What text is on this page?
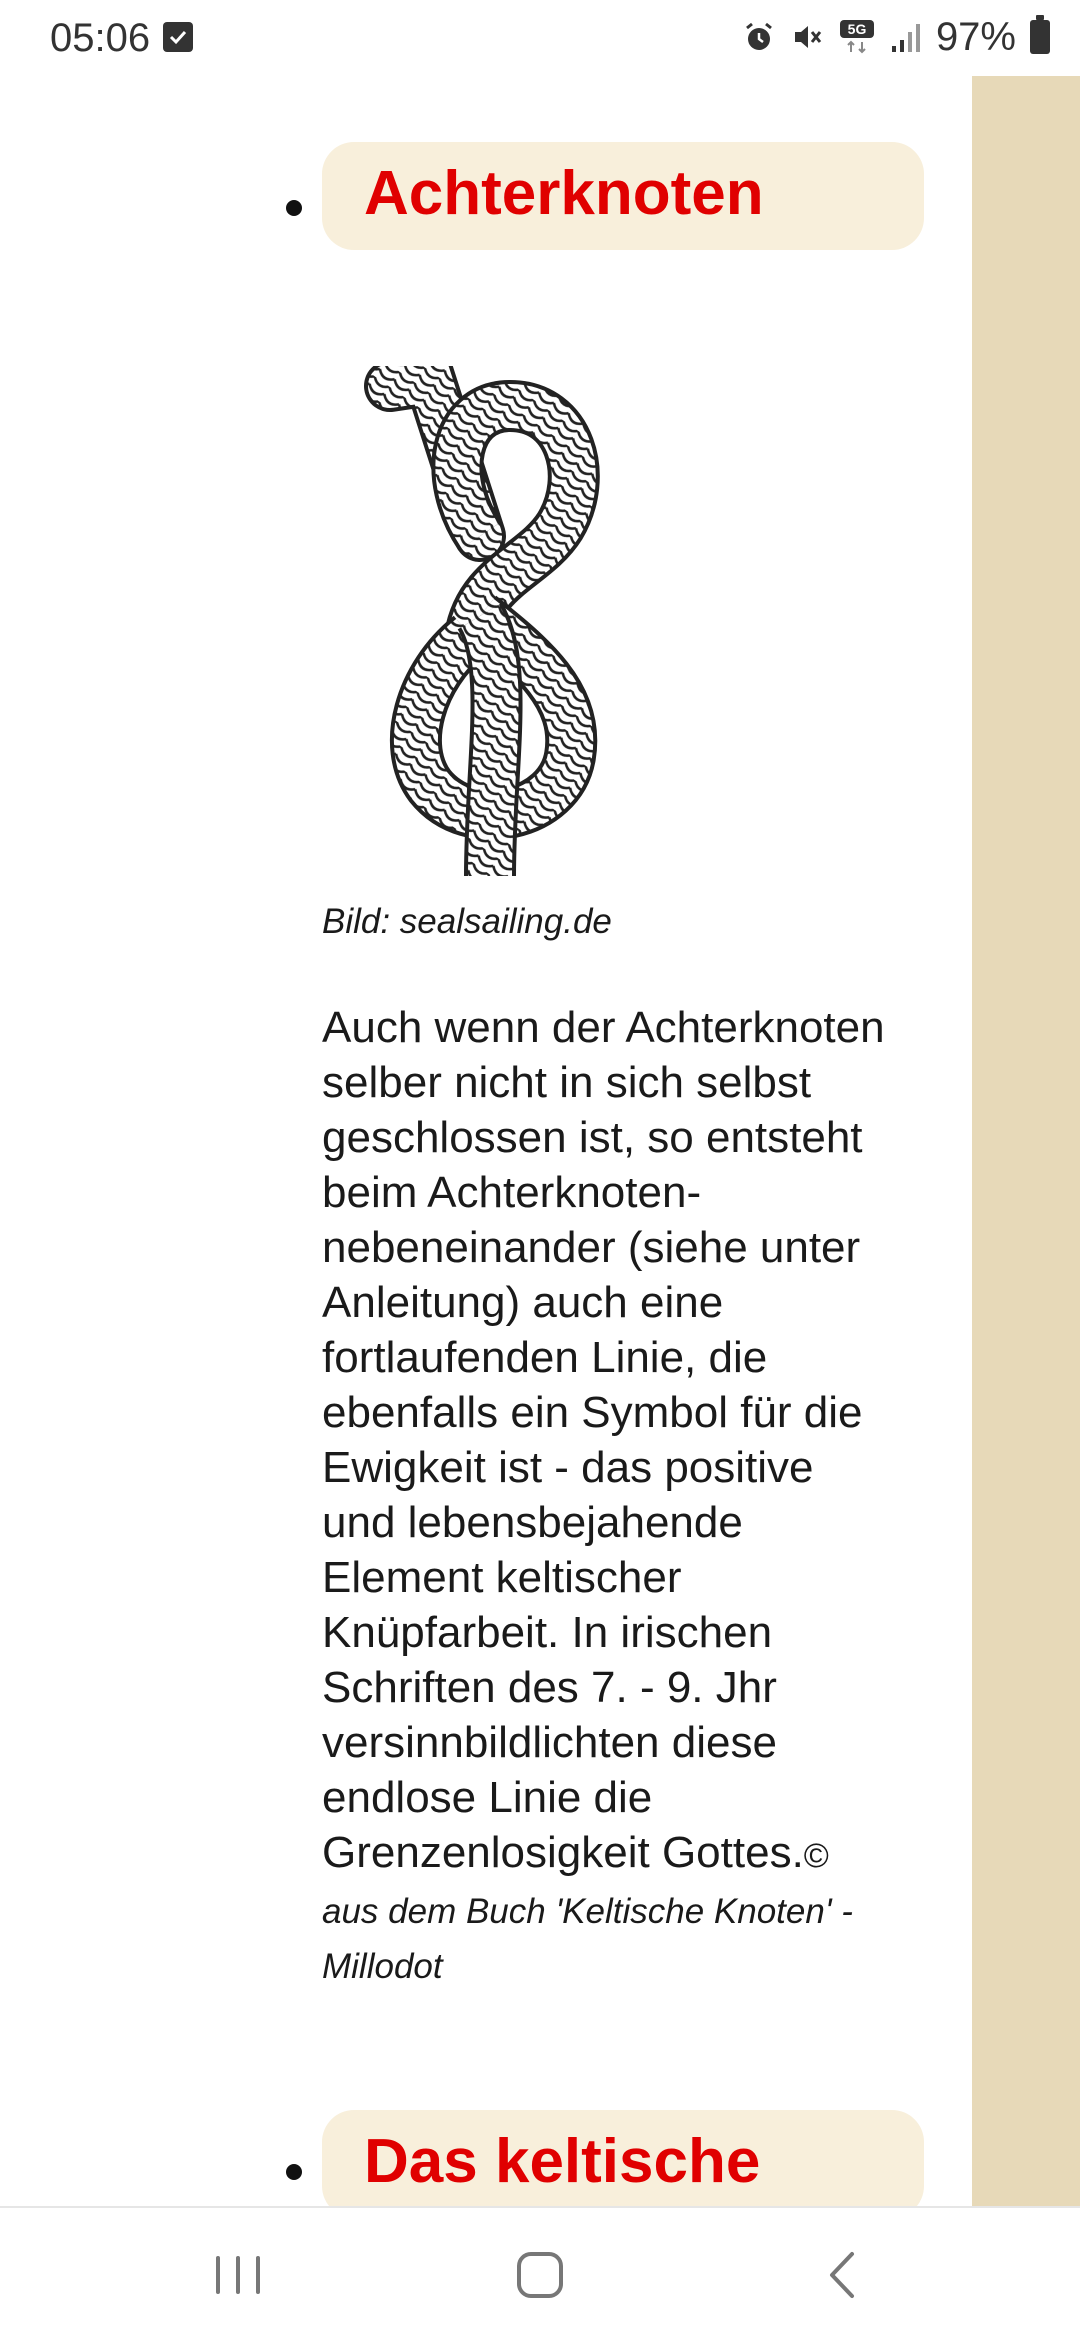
05:06	5G 97%
Achterknoten
Bild: sealsailing.de
Auch wenn der Achterknoten
selber nicht in sich selbst
geschlossen ist, so entsteht
beim Achterknoten-
nebeneinander (siehe unter
Anleitung) auch eine
fortlaufenden Linie, die
ebenfalls ein Symbol für die
Ewigkeit ist - das positive
und lebensbejahende
Element keltischer
Knüpfarbeit. In irischen
Schriften des 7. - 9. Jhr
versinnbildlichten diese
endlose Linie die
Grenzenlosigkeit Gottes.©
aus dem Buch 'Keltische Knoten' -
Millodot
Das keltische
